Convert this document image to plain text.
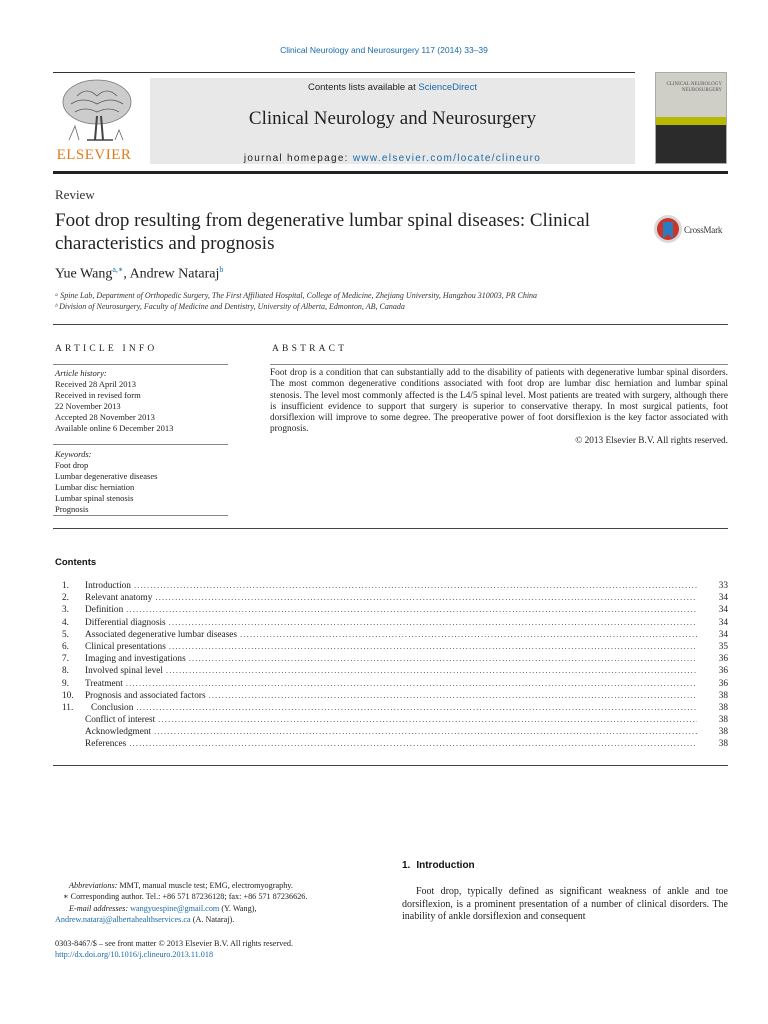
Clinical Neurology and Neurosurgery 117 (2014) 33–39
ELSEVIER
Contents lists available at ScienceDirect
Clinical Neurology and Neurosurgery
journal homepage: www.elsevier.com/locate/clineuro
CLINICAL NEUROLOGY NEUROSURGERY
Review
Foot drop resulting from degenerative lumbar spinal diseases: Clinical characteristics and prognosis
CrossMark
Yue Wang$^{a,∗}$, Andrew Nataraj$^b$
ᵃ Spine Lab, Department of Orthopedic Surgery, The First Affiliated Hospital, College of Medicine, Zhejiang University, Hangzhou 310003, PR China
ᵇ Division of Neurosurgery, Faculty of Medicine and Dentistry, University of Alberta, Edmonton, AB, Canada
ARTICLE INFO	ABSTRACT
Article history:
Received 28 April 2013
Received in revised form
22 November 2013
Accepted 28 November 2013
Available online 6 December 2013
Keywords:
Foot drop
Lumbar degenerative diseases
Lumbar disc herniation
Lumbar spinal stenosis
Prognosis
Foot drop is a condition that can substantially add to the disability of patients with degenerative lumbar spinal disorders. The most common degenerative conditions associated with foot drop are lumbar disc herniation and lumbar spinal stenosis. The level most commonly affected is the L4/5 spinal level. Most patients are treated with surgery, although there is insufficient evidence to support that surgery is superior to conservative therapy. In most surgical patients, foot dorsiflexion will improve to some degree. The preoperative power of foot dorsiflexion is the key factor associated with prognosis.
© 2013 Elsevier B.V. All rights reserved.
Contents
1.	Introduction .....	33
2.	Relevant anatomy .....	34
3.	Definition .....	34
4.	Differential diagnosis .....	34
5.	Associated degenerative lumbar diseases .....	34
6.	Clinical presentations .....	35
7.	Imaging and investigations .....	36
8.	Involved spinal level .....	36
9.	Treatment .....	36
10.	Prognosis and associated factors .....	38
11.	Conclusion .....	38
Conflict of interest .....	38
Acknowledgment .....	38
References .....	38
1. Introduction
Foot drop, typically defined as significant weakness of ankle and toe dorsiflexion, is a prominent presentation of a number of clinical disorders. The inability of ankle dorsiflexion and consequent
Abbreviations: MMT, manual muscle test; EMG, electromyography.
∗ Corresponding author. Tel.: +86 571 87236128; fax: +86 571 87236626.
E-mail addresses: wangyuespine@gmail.com (Y. Wang),
Andrew.nataraj@albertahealthservices.ca (A. Nataraj).
0303-8467/$ – see front matter © 2013 Elsevier B.V. All rights reserved.
http://dx.doi.org/10.1016/j.clineuro.2013.11.018
